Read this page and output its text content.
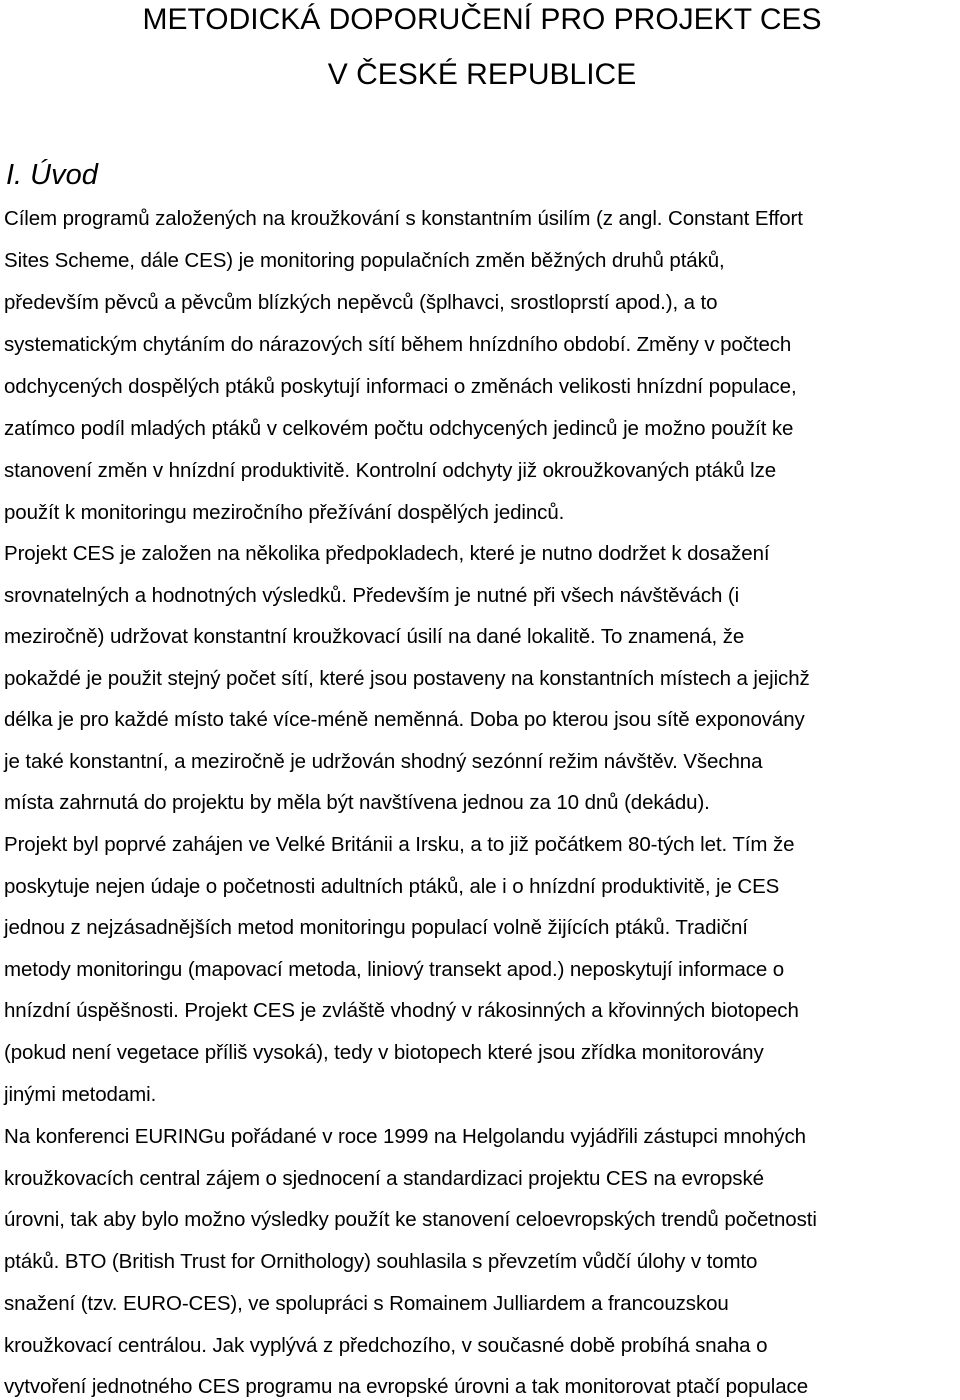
METODICKÁ DOPORUČENÍ PRO PROJEKT CES
V ČESKÉ REPUBLICE
I. Úvod
Cílem programů založených na kroužkování s konstantním úsilím (z angl. Constant Effort
Sites Scheme, dále CES) je monitoring populačních změn běžných druhů ptáků,
především pěvců a pěvcům blízkých nepěvců (šplhavci, srostloprstí apod.), a to
systematickým chytáním do nárazových sítí během hnízdního období. Změny v počtech
odchycených dospělých ptáků poskytují informaci o změnách velikosti hnízdní populace,
zatímco podíl mladých ptáků v celkovém počtu odchycených jedinců je možno použít ke
stanovení změn v hnízdní produktivitě. Kontrolní odchyty již okroužkovaných ptáků lze
použít k monitoringu meziročního přežívání dospělých jedinců.
Projekt CES je založen na několika předpokladech, které je nutno dodržet k dosažení
srovnatelných a hodnotných výsledků. Především je nutné při všech návštěvách (i
meziročně) udržovat konstantní kroužkovací úsilí na dané lokalitě. To znamená, že
pokaždé je použit stejný počet sítí, které jsou postaveny na konstantních místech a jejichž
délka je pro každé místo také více-méně neměnná. Doba po kterou jsou sítě exponovány
je také konstantní, a meziročně je udržován shodný sezónní režim návštěv. Všechna
místa zahrnutá do projektu by měla být navštívena jednou za 10 dnů (dekádu).
Projekt byl poprvé zahájen ve Velké Británii a Irsku, a to již počátkem 80-tých let. Tím že
poskytuje nejen údaje o početnosti adultních ptáků, ale i o hnízdní produktivitě, je CES
jednou z nejzásadnějších metod monitoringu populací volně žijících ptáků. Tradiční
metody monitoringu (mapovací metoda, liniový transekt apod.) neposkytují informace o
hnízdní úspěšnosti. Projekt CES je zvláště vhodný v rákosinných a křovinných biotopech
(pokud není vegetace příliš vysoká), tedy v biotopech které jsou zřídka monitorovány
jinými metodami.
Na konferenci EURINGu pořádané v roce 1999 na Helgolandu vyjádřili zástupci mnohých
kroužkovacích central zájem o sjednocení a standardizaci projektu CES na evropské
úrovni, tak aby bylo možno výsledky použít ke stanovení celoevropských trendů početnosti
ptáků. BTO (British Trust for Ornithology) souhlasila s převzetím vůdčí úlohy v tomto
snažení (tzv. EURO-CES), ve spolupráci s Romainem Julliardem a francouzskou
kroužkovací centrálou. Jak vyplývá z předchozího, v současné době probíhá snaha o
vytvoření jednotného CES programu na evropské úrovni a tak monitorovat ptačí populace
